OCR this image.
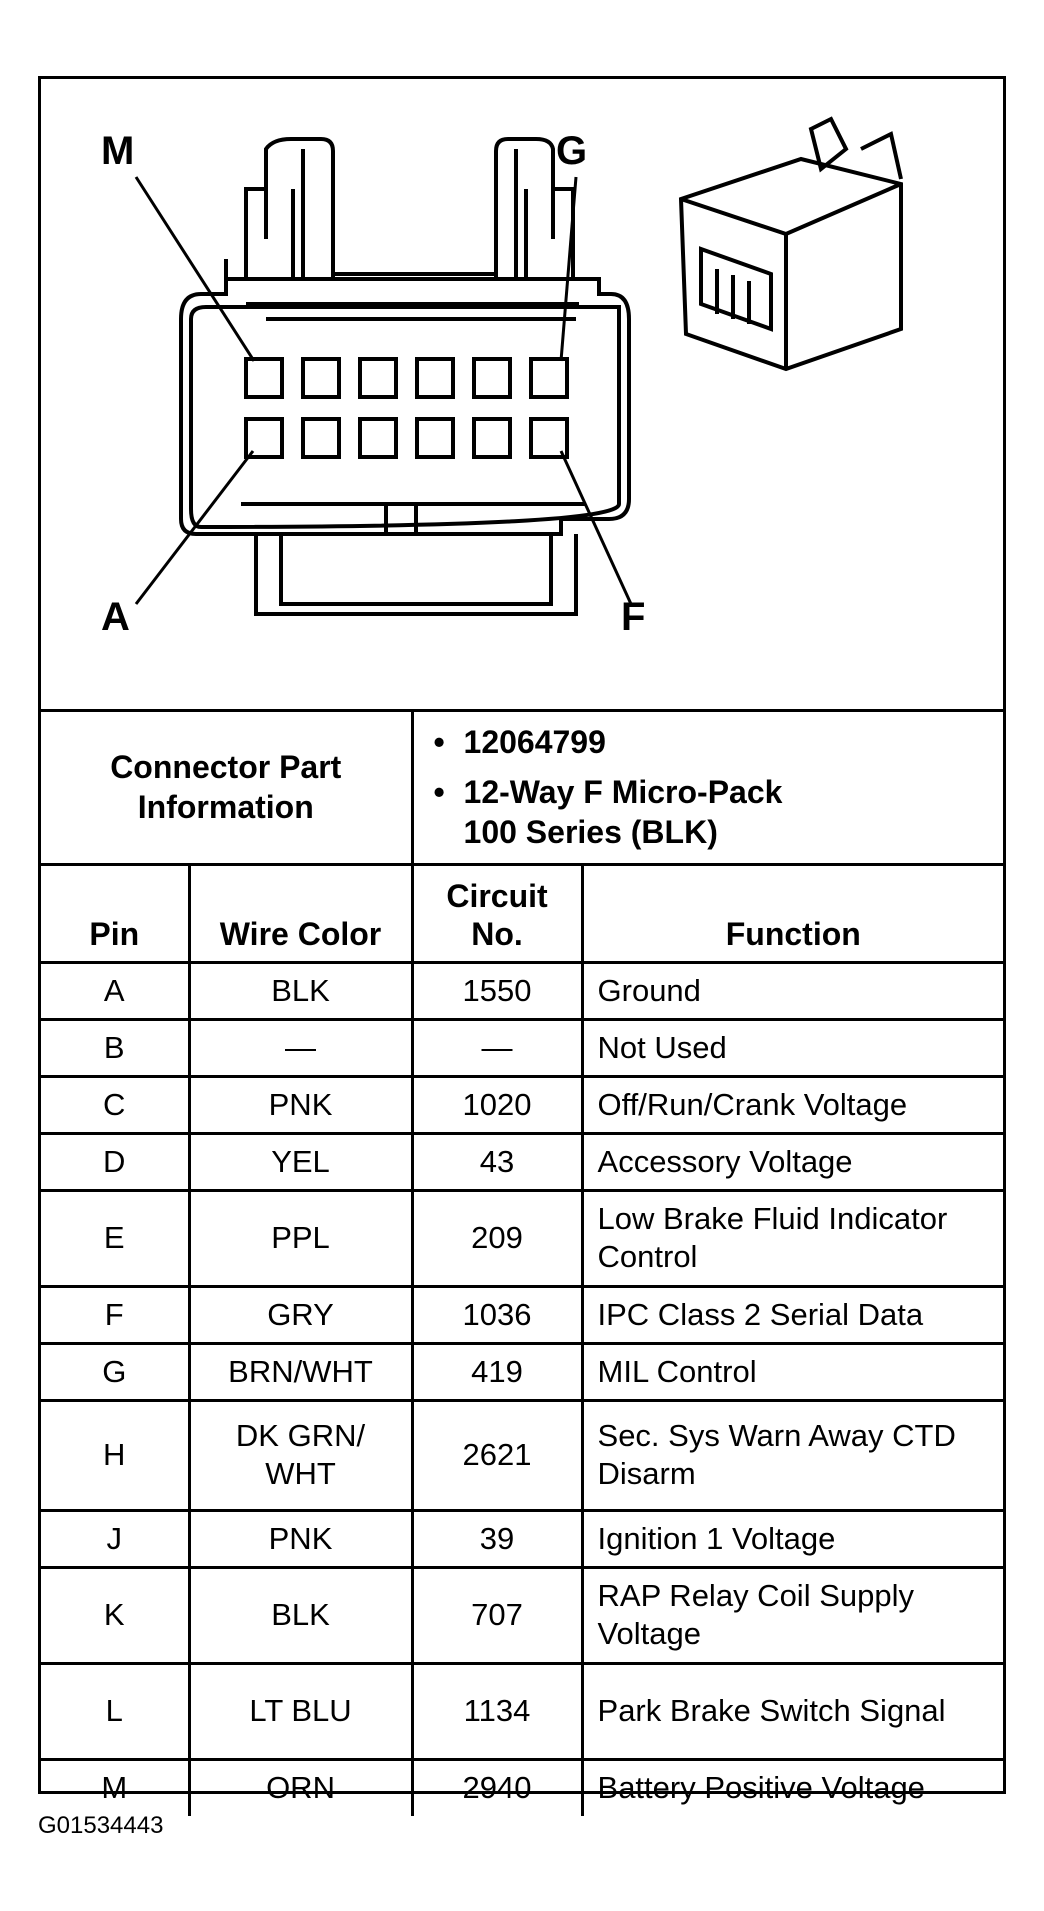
M	G
A	F
Connector Part Information		• 12064799
• 12-Way F Micro-Pack
100 Series (BLK)

Pin	Wire Color	Circuit No.	Function
A	BLK	1550	Ground
B	—	—	Not Used
C	PNK	1020	Off/Run/Crank Voltage
D	YEL	43	Accessory Voltage
E	PPL	209	Low Brake Fluid Indicator Control
F	GRY	1036	IPC Class 2 Serial Data
G	BRN/WHT	419	MIL Control
H	DK GRN/ WHT	2621	Sec. Sys Warn Away CTD Disarm
J	PNK	39	Ignition 1 Voltage
K	BLK	707	RAP Relay Coil Supply Voltage
L	LT BLU	1134	Park Brake Switch Signal
M	ORN	2940	Battery Positive Voltage
G01534443
